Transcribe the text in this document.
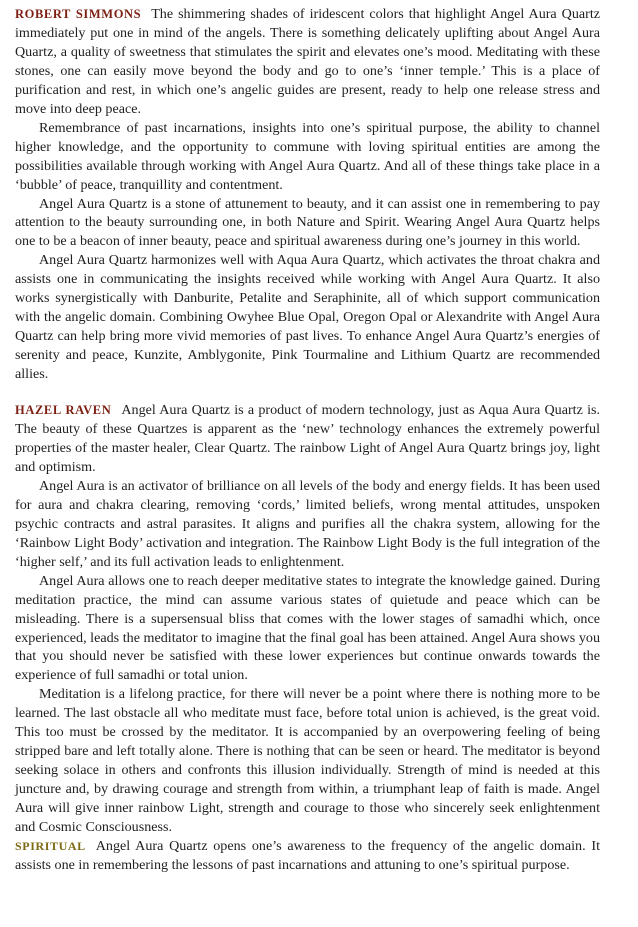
ROBERT SIMMONS The shimmering shades of iridescent colors that highlight Angel Aura Quartz immediately put one in mind of the angels. There is something delicately uplifting about Angel Aura Quartz, a quality of sweetness that stimulates the spirit and elevates one’s mood. Meditating with these stones, one can easily move beyond the body and go to one’s ‘inner temple.’ This is a place of purification and rest, in which one’s angelic guides are present, ready to help one release stress and move into deep peace.

Remembrance of past incarnations, insights into one’s spiritual purpose, the ability to channel higher knowledge, and the opportunity to commune with loving spiritual entities are among the possibilities available through working with Angel Aura Quartz. And all of these things take place in a ‘bubble’ of peace, tranquillity and contentment.

Angel Aura Quartz is a stone of attunement to beauty, and it can assist one in remembering to pay attention to the beauty surrounding one, in both Nature and Spirit. Wearing Angel Aura Quartz helps one to be a beacon of inner beauty, peace and spiritual awareness during one’s journey in this world.

Angel Aura Quartz harmonizes well with Aqua Aura Quartz, which activates the throat chakra and assists one in communicating the insights received while working with Angel Aura Quartz. It also works synergistically with Danburite, Petalite and Seraphinite, all of which support communication with the angelic domain. Combining Owyhee Blue Opal, Oregon Opal or Alexandrite with Angel Aura Quartz can help bring more vivid memories of past lives. To enhance Angel Aura Quartz’s energies of serenity and peace, Kunzite, Amblygonite, Pink Tourmaline and Lithium Quartz are recommended allies.

HAZEL RAVEN Angel Aura Quartz is a product of modern technology, just as Aqua Aura Quartz is. The beauty of these Quartzes is apparent as the ‘new’ technology enhances the extremely powerful properties of the master healer, Clear Quartz. The rainbow Light of Angel Aura Quartz brings joy, light and optimism.

Angel Aura is an activator of brilliance on all levels of the body and energy fields. It has been used for aura and chakra clearing, removing ‘cords,’ limited beliefs, wrong mental attitudes, unspoken psychic contracts and astral parasites. It aligns and purifies all the chakra system, allowing for the ‘Rainbow Light Body’ activation and integration. The Rainbow Light Body is the full integration of the ‘higher self,’ and its full activation leads to enlightenment.

Angel Aura allows one to reach deeper meditative states to integrate the knowledge gained. During meditation practice, the mind can assume various states of quietude and peace which can be misleading. There is a supersensual bliss that comes with the lower stages of samadhi which, once experienced, leads the meditator to imagine that the final goal has been attained. Angel Aura shows you that you should never be satisfied with these lower experiences but continue onwards towards the experience of full samadhi or total union.

Meditation is a lifelong practice, for there will never be a point where there is nothing more to be learned. The last obstacle all who meditate must face, before total union is achieved, is the great void. This too must be crossed by the meditator. It is accompanied by an overpowering feeling of being stripped bare and left totally alone. There is nothing that can be seen or heard. The meditator is beyond seeking solace in others and confronts this illusion individually. Strength of mind is needed at this juncture and, by drawing courage and strength from within, a triumphant leap of faith is made. Angel Aura will give inner rainbow Light, strength and courage to those who sincerely seek enlightenment and Cosmic Consciousness.

SPIRITUAL Angel Aura Quartz opens one’s awareness to the frequency of the angelic domain. It assists one in remembering the lessons of past incarnations and attuning to one’s spiritual purpose.
